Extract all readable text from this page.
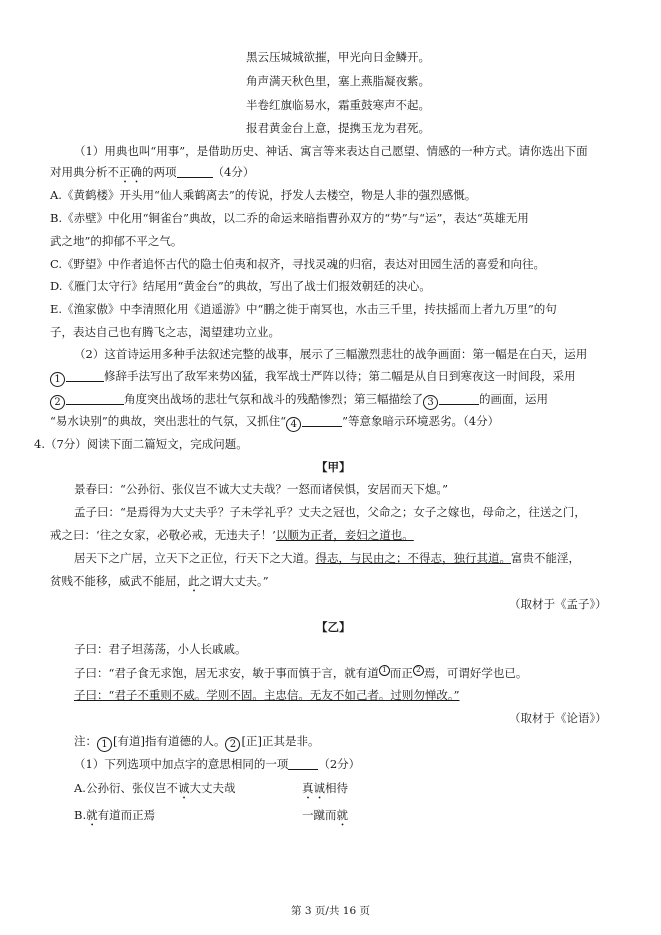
黑云压城城欲摧，甲光向日金鳞开。
角声满天秋色里，塞上燕脂凝夜紫。
半卷红旗临易水，霜重鼓寒声不起。
报君黄金台上意，提携玉龙为君死。
（1）用典也叫“用事”，是借助历史、神话、寓言等来表达自己愿望、情感的一种方式。请你选出下面
对用典分析不正确的两项	（4分）
A.《黄鹤楼》开头用“仙人乘鹤离去”的传说，抒发人去楼空，物是人非的强烈感慨。
B.《赤壁》中化用“铜雀台”典故，以二乔的命运来暗指曹孙双方的“势”与“运”，表达“英雄无用
武之地”的抑郁不平之气。
C.《野望》中作者追怀古代的隐士伯夷和叔齐，寻找灵魂的归宿，表达对田园生活的喜爱和向往。
D.《雁门太守行》结尾用“黄金台”的典故，写出了战士们报效朝廷的决心。
E.《渔家傲》中李清照化用《逍遥游》中“鹏之徙于南冥也，水击三千里，抟扶摇而上者九万里”的句
子，表达自己也有腾飞之志，渴望建功立业。
（2）这首诗运用多种手法叙述完整的战事，展示了三幅激烈悲壮的战争画面：第一幅是在白天，运用
1	修辞手法写出了敌军来势凶猛，我军战士严阵以待；第二幅是从自日到寒夜这一时间段，采用
2	角度突出战场的悲壮气氛和战斗的残酷惨烈；第三幅描绘了 3	的画面，运用
“易水诀别”的典故，突出悲壮的气氛，又抓住“ 4	”等意象暗示环境恶劣。（4分）
4.（7分）阅读下面二篇短文，完成问题。
【甲】
景春曰：“公孙衍、张仪岂不诚大丈夫哉？一怒而诸侯惧，安居而天下熄。”
孟子曰：“是焉得为大丈夫乎？子未学礼乎？丈夫之冠也，父命之；女子之嫁也，母命之，往送之门，
戒之曰：‘往之女家，必敬必戒，无违夫子！’以顺为正者，妾妇之道也。
居天下之广居，立天下之正位，行天下之大道。得志，与民由之；不得志，独行其道。富贵不能淫，
贫贱不能移，威武不能屈，此之谓大丈夫。”
（取材于《孟子》）
【乙】
子曰：君子坦荡荡，小人长戚戚。
子曰：“君子食无求饱，居无求安，敏于事而慎于言，就有道 1 而正 2 焉，可谓好学也已。
子曰：“君子不重则不威。学则不固。主忠信。无友不如己者。过则勿惮改。”
（取材于《论语》）
注： 1 [有道]指有道德的人。 2 [正]正其是非。
（1）下列选项中加点字的意思相同的一项	（2分）
A.公孙衍、张仪岂不诚大丈夫哉	真诚相待
B.就有道而正焉	一蹴而就
第 3 页/共 16 页
